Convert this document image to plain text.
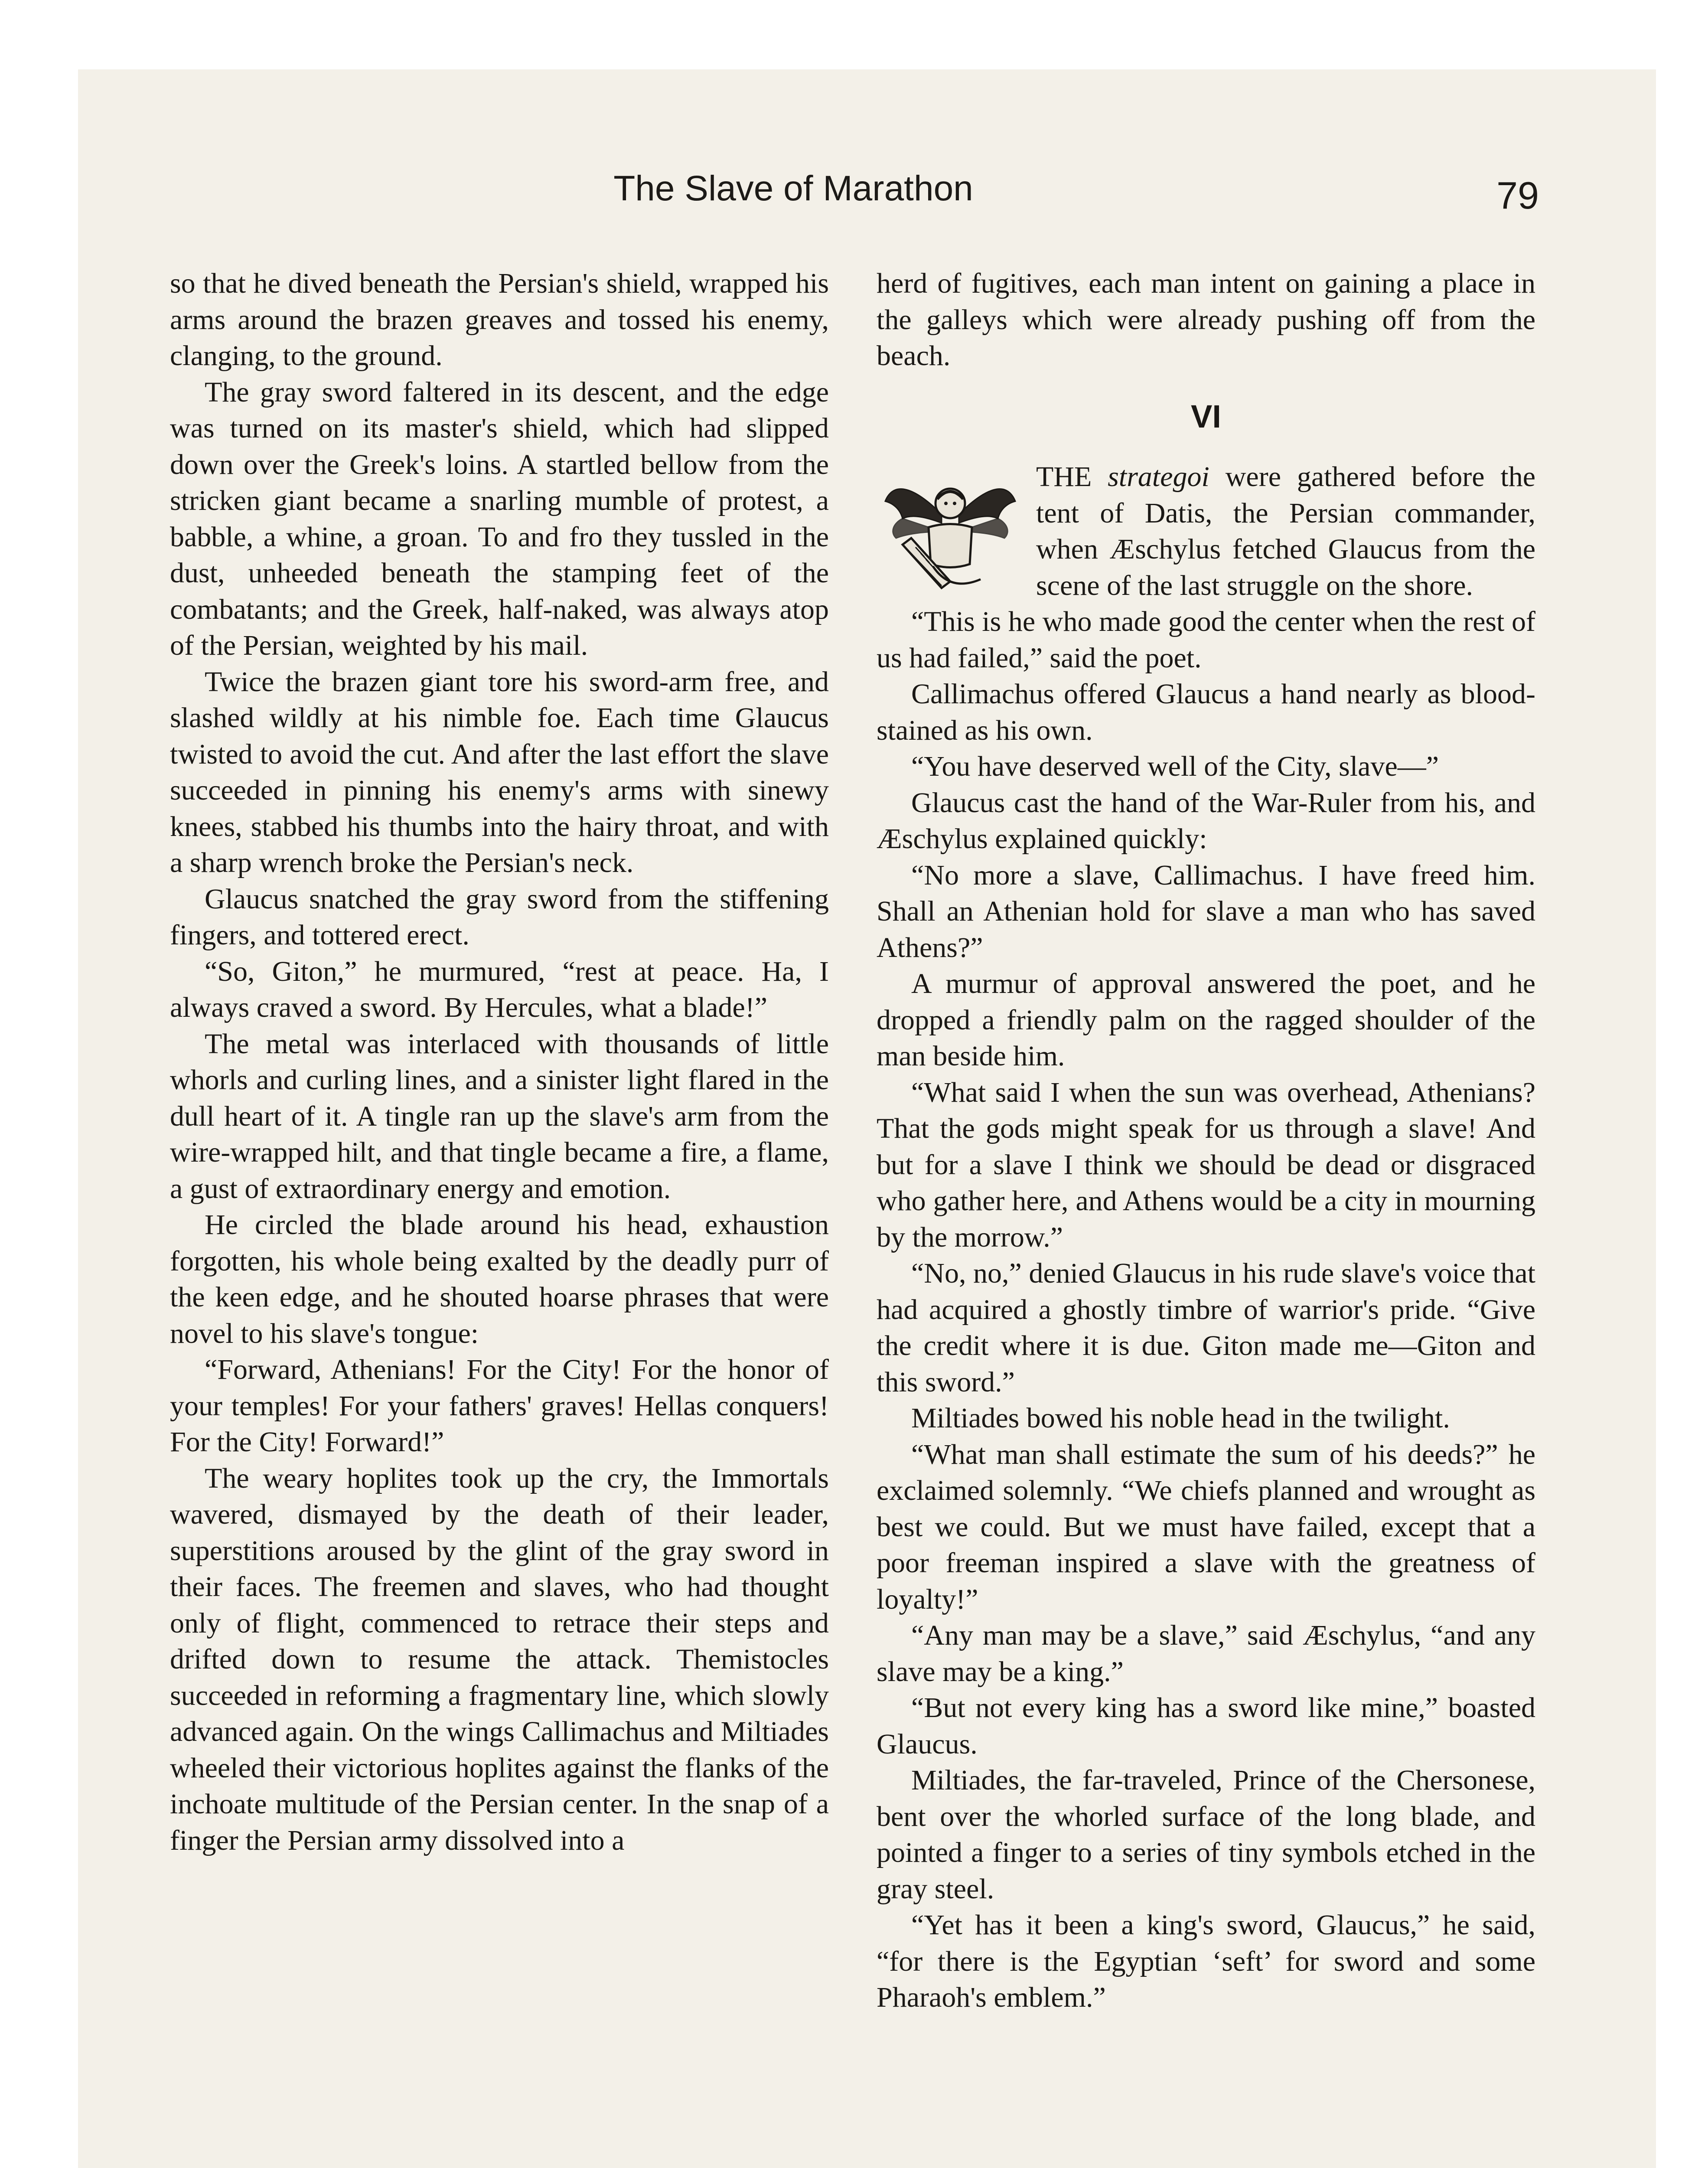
The Slave of Marathon	79

so that he dived beneath the Persian's shield, wrapped his arms around the brazen greaves and tossed his enemy, clanging, to the ground.

The gray sword faltered in its descent, and the edge was turned on its master's shield, which had slipped down over the Greek's loins. A startled bellow from the stricken giant became a snarling mumble of protest, a babble, a whine, a groan. To and fro they tussled in the dust, unheeded beneath the stamping feet of the combatants; and the Greek, half-naked, was always atop of the Persian, weighted by his mail.

Twice the brazen giant tore his sword-arm free, and slashed wildly at his nimble foe. Each time Glaucus twisted to avoid the cut. And after the last effort the slave succeeded in pinning his enemy's arms with sinewy knees, stabbed his thumbs into the hairy throat, and with a sharp wrench broke the Persian's neck.

Glaucus snatched the gray sword from the stiffening fingers, and tottered erect.

“So, Giton,” he murmured, “rest at peace. Ha, I always craved a sword. By Hercules, what a blade!”

The metal was interlaced with thousands of little whorls and curling lines, and a sinister light flared in the dull heart of it. A tingle ran up the slave's arm from the wire-wrapped hilt, and that tingle became a fire, a flame, a gust of extraordinary energy and emotion.

He circled the blade around his head, exhaustion forgotten, his whole being exalted by the deadly purr of the keen edge, and he shouted hoarse phrases that were novel to his slave's tongue:

“Forward, Athenians! For the City! For the honor of your temples! For your fathers' graves! Hellas conquers! For the City! Forward!”

The weary hoplites took up the cry, the Immortals wavered, dismayed by the death of their leader, superstitions aroused by the glint of the gray sword in their faces. The freemen and slaves, who had thought only of flight, commenced to retrace their steps and drifted down to resume the attack. Themistocles succeeded in reforming a fragmentary line, which slowly advanced again. On the wings Callimachus and Miltiades wheeled their victorious hoplites against the flanks of the inchoate multitude of the Persian center. In the snap of a finger the Persian army dissolved into a

herd of fugitives, each man intent on gaining a place in the galleys which were already pushing off from the beach.

VI

THE strategoi were gathered before the tent of Datis, the Persian commander, when Æschylus fetched Glaucus from the scene of the last struggle on the shore.

“This is he who made good the center when the rest of us had failed,” said the poet.

Callimachus offered Glaucus a hand nearly as blood-stained as his own.

“You have deserved well of the City, slave—”

Glaucus cast the hand of the War-Ruler from his, and Æschylus explained quickly:

“No more a slave, Callimachus. I have freed him. Shall an Athenian hold for slave a man who has saved Athens?”

A murmur of approval answered the poet, and he dropped a friendly palm on the ragged shoulder of the man beside him.

“What said I when the sun was overhead, Athenians? That the gods might speak for us through a slave! And but for a slave I think we should be dead or disgraced who gather here, and Athens would be a city in mourning by the morrow.”

“No, no,” denied Glaucus in his rude slave's voice that had acquired a ghostly timbre of warrior's pride. “Give the credit where it is due. Giton made me—Giton and this sword.”

Miltiades bowed his noble head in the twilight.

“What man shall estimate the sum of his deeds?” he exclaimed solemnly. “We chiefs planned and wrought as best we could. But we must have failed, except that a poor freeman inspired a slave with the greatness of loyalty!”

“Any man may be a slave,” said Æschylus, “and any slave may be a king.”

“But not every king has a sword like mine,” boasted Glaucus.

Miltiades, the far-traveled, Prince of the Chersonese, bent over the whorled surface of the long blade, and pointed a finger to a series of tiny symbols etched in the gray steel.

“Yet has it been a king's sword, Glaucus,” he said, “for there is the Egyptian ‘seft’ for sword and some Pharaoh's emblem.”
